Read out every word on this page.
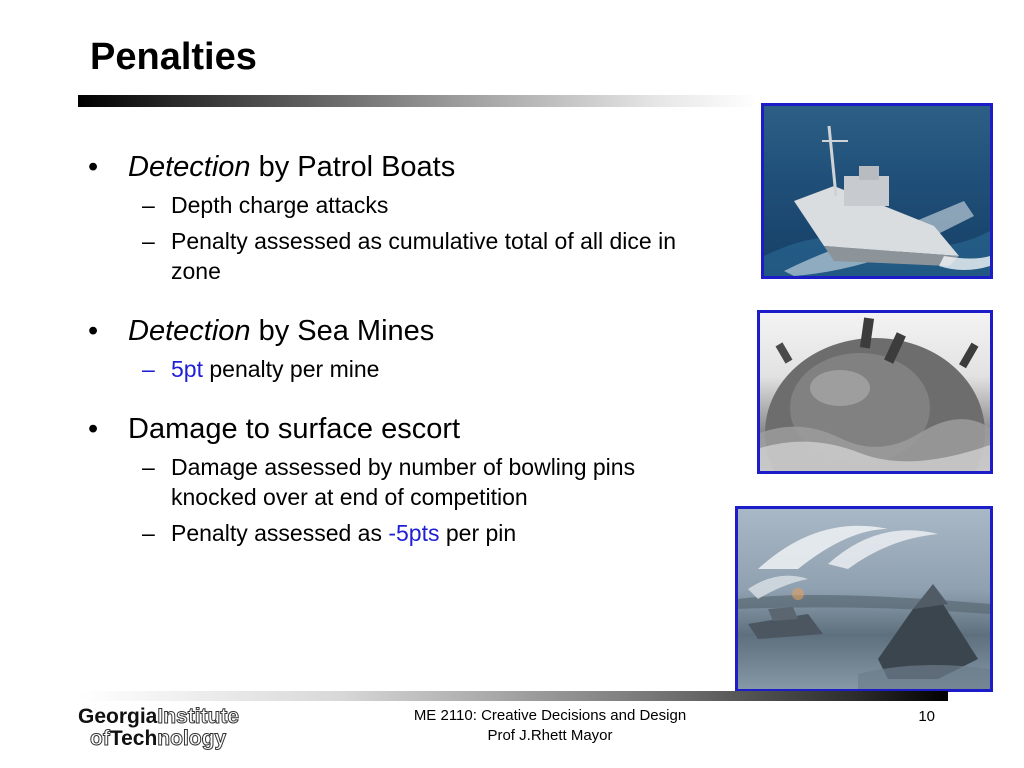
Penalties
• Detection by Patrol Boats
– Depth charge attacks
– Penalty assessed as cumulative total of all dice in zone
• Detection by Sea Mines
– 5pt penalty per mine
• Damage to surface escort
– Damage assessed by number of bowling pins knocked over at end of competition
– Penalty assessed as -5pts per pin
GeorgiaInstitute
ofTechnology
ME 2110: Creative Decisions and Design
Prof J.Rhett Mayor
10
